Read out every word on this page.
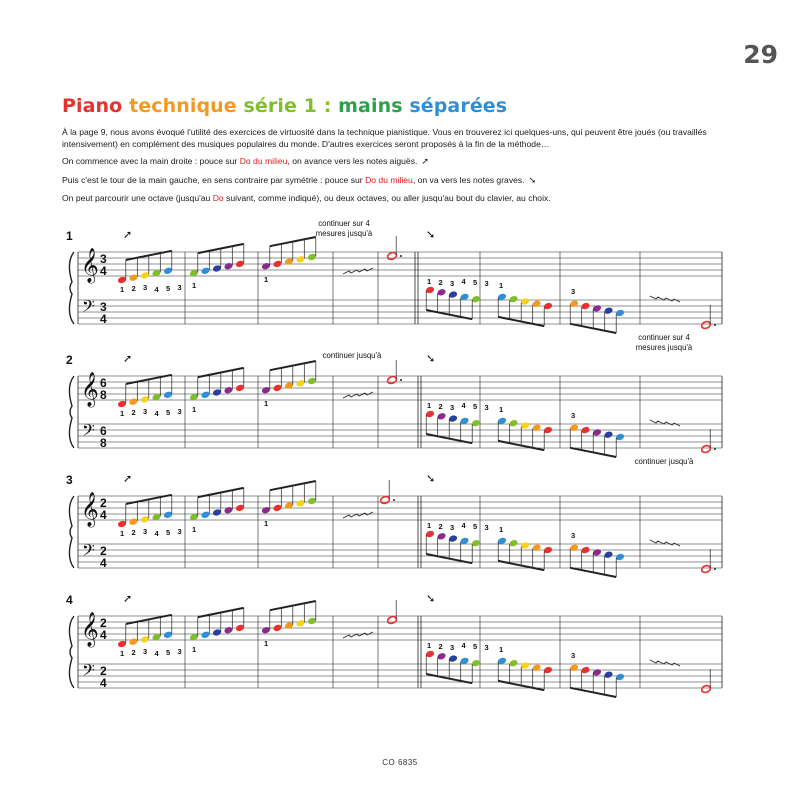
29
Piano technique série 1 : mains séparées

À la page 9, nous avons évoqué l'utilité des exercices de virtuosité dans la technique pianistique. Vous en trouverez ici quelques-uns, qui peuvent être joués (ou travaillés intensivement) en complément des musiques populaires du monde. D'autres exercices seront proposés à la fin de la méthode…

On commence avec la main droite : pouce sur Do du milieu, on avance vers les notes aiguës. ➚

Puis c'est le tour de la main gauche, en sens contraire par symétrie : pouce sur Do du milieu, on va vers les notes graves. ➘

On peut parcourir une octave (jusqu'au Do suivant, comme indiqué), ou deux octaves, ou aller jusqu'au bout du clavier, au choix.

1
𝄞
𝄢
3
4
3
4
1 2 3 4 5 3 1
1
➚	➘
continuer sur 4
mesures jusqu'à
1 2 3 4 5 3 1
3
continuer sur 4
mesures jusqu'à
2
𝄞
𝄢
6
8
6
8
1 2 3 4 5 3 1
1
➚	➘
continuer jusqu'à
1 2 3 4 5 3 1
3
continuer jusqu'à
3
𝄞
𝄢
2
4
2
4
1 2 3 4 5 3 1
1
➚	➘
1 2 3 4 5 3 1
3
4
𝄞
𝄢
2
4
2
4
1 2 3 4 5 3 1
1
➚	➘
1 2 3 4 5 3 1
3
CO 6835
